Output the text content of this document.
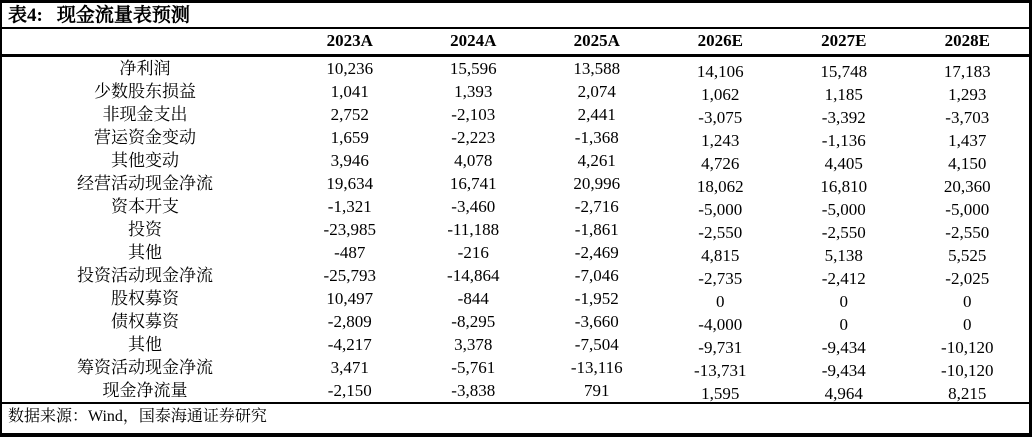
表4: 现金流量表预测
	2023A	2024A	2025A	2026E	2027E	2028E
净利润	10,236	15,596	13,588	14,106	15,748	17,183
少数股东损益	1,041	1,393	2,074	1,062	1,185	1,293
非现金支出	2,752	-2,103	2,441	-3,075	-3,392	-3,703
营运资金变动	1,659	-2,223	-1,368	1,243	-1,136	1,437
其他变动	3,946	4,078	4,261	4,726	4,405	4,150
经营活动现金净流	19,634	16,741	20,996	18,062	16,810	20,360
资本开支	-1,321	-3,460	-2,716	-5,000	-5,000	-5,000
投资	-23,985	-11,188	-1,861	-2,550	-2,550	-2,550
其他	-487	-216	-2,469	4,815	5,138	5,525
投资活动现金净流	-25,793	-14,864	-7,046	-2,735	-2,412	-2,025
股权募资	10,497	-844	-1,952	0	0	0
债权募资	-2,809	-8,295	-3,660	-4,000	0	0
其他	-4,217	3,378	-7,504	-9,731	-9,434	-10,120
筹资活动现金净流	3,471	-5,761	-13,116	-13,731	-9,434	-10,120
现金净流量	-2,150	-3,838	791	1,595	4,964	8,215
数据来源：Wind，国泰海通证券研究
